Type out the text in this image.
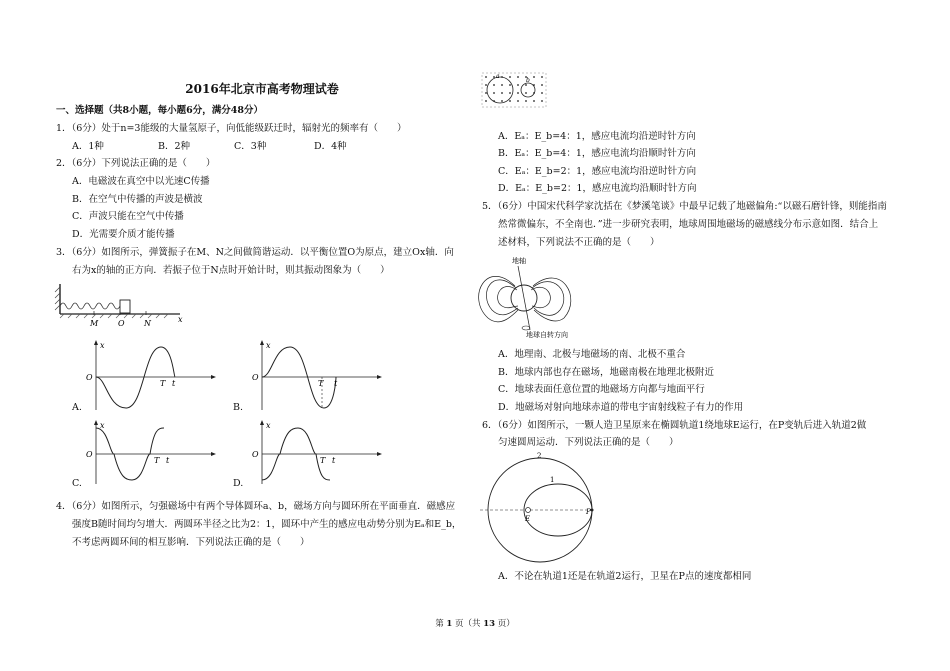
2016年北京市高考物理试卷
一、选择题（共8小题，每小题6分，满分48分）
1．（6分）处于n=3能级的大量氢原子，向低能级跃迁时，辐射光的频率有（　　）
A．1种	B．2种	C．3种	D．4种
2．（6分）下列说法正确的是（　　）
A．电磁波在真空中以光速C传播
B．在空气中传播的声波是横波
C．声波只能在空气中传播
D．光需要介质才能传播
3．（6分）如图所示，弹簧振子在M、N之间做简谐运动．以平衡位置O为原点，建立Ox轴．向
右为x的轴的正方向．若振子位于N点时开始计时，则其振动图象为（　　）
M O N	x
x
O
T t
A.
x
O
T t
B.
x
O
T t
C.
x
O
T t
D.
4．（6分）如图所示，匀强磁场中有两个导体圆环a、b，磁场方向与圆环所在平面垂直．磁感应
强度B随时间均匀增大．两圆环半径之比为2：1，圆环中产生的感应电动势分别为Eₐ和E_b，
不考虑两圆环间的相互影响．下列说法正确的是（　　）
a
b
A．Eₐ：E_b=4：1，感应电流均沿逆时针方向
B．Eₐ：E_b=4：1，感应电流均沿顺时针方向
C．Eₐ：E_b=2：1，感应电流均沿逆时针方向
D．Eₐ：E_b=2：1，感应电流均沿顺时针方向
5．（6分）中国宋代科学家沈括在《梦溪笔谈》中最早记载了地磁偏角:“以磁石磨针锋，则能指南
然常微偏东，不全南也．”进一步研究表明，地球周围地磁场的磁感线分布示意如图．结合上
述材料，下列说法不正确的是（　　）
地轴
地球自转方向
A．地理南、北极与地磁场的南、北极不重合
B．地球内部也存在磁场，地磁南极在地理北极附近
C．地球表面任意位置的地磁场方向都与地面平行
D．地磁场对射向地球赤道的带电宇宙射线粒子有力的作用
6．（6分）如图所示，一颗人造卫星原来在椭圆轨道1绕地球E运行，在P变轨后进入轨道2做
匀速圆周运动．下列说法正确的是（　　）
2
1
E
P
A．不论在轨道1还是在轨道2运行，卫星在P点的速度都相同
第 1 页（共 13 页）
